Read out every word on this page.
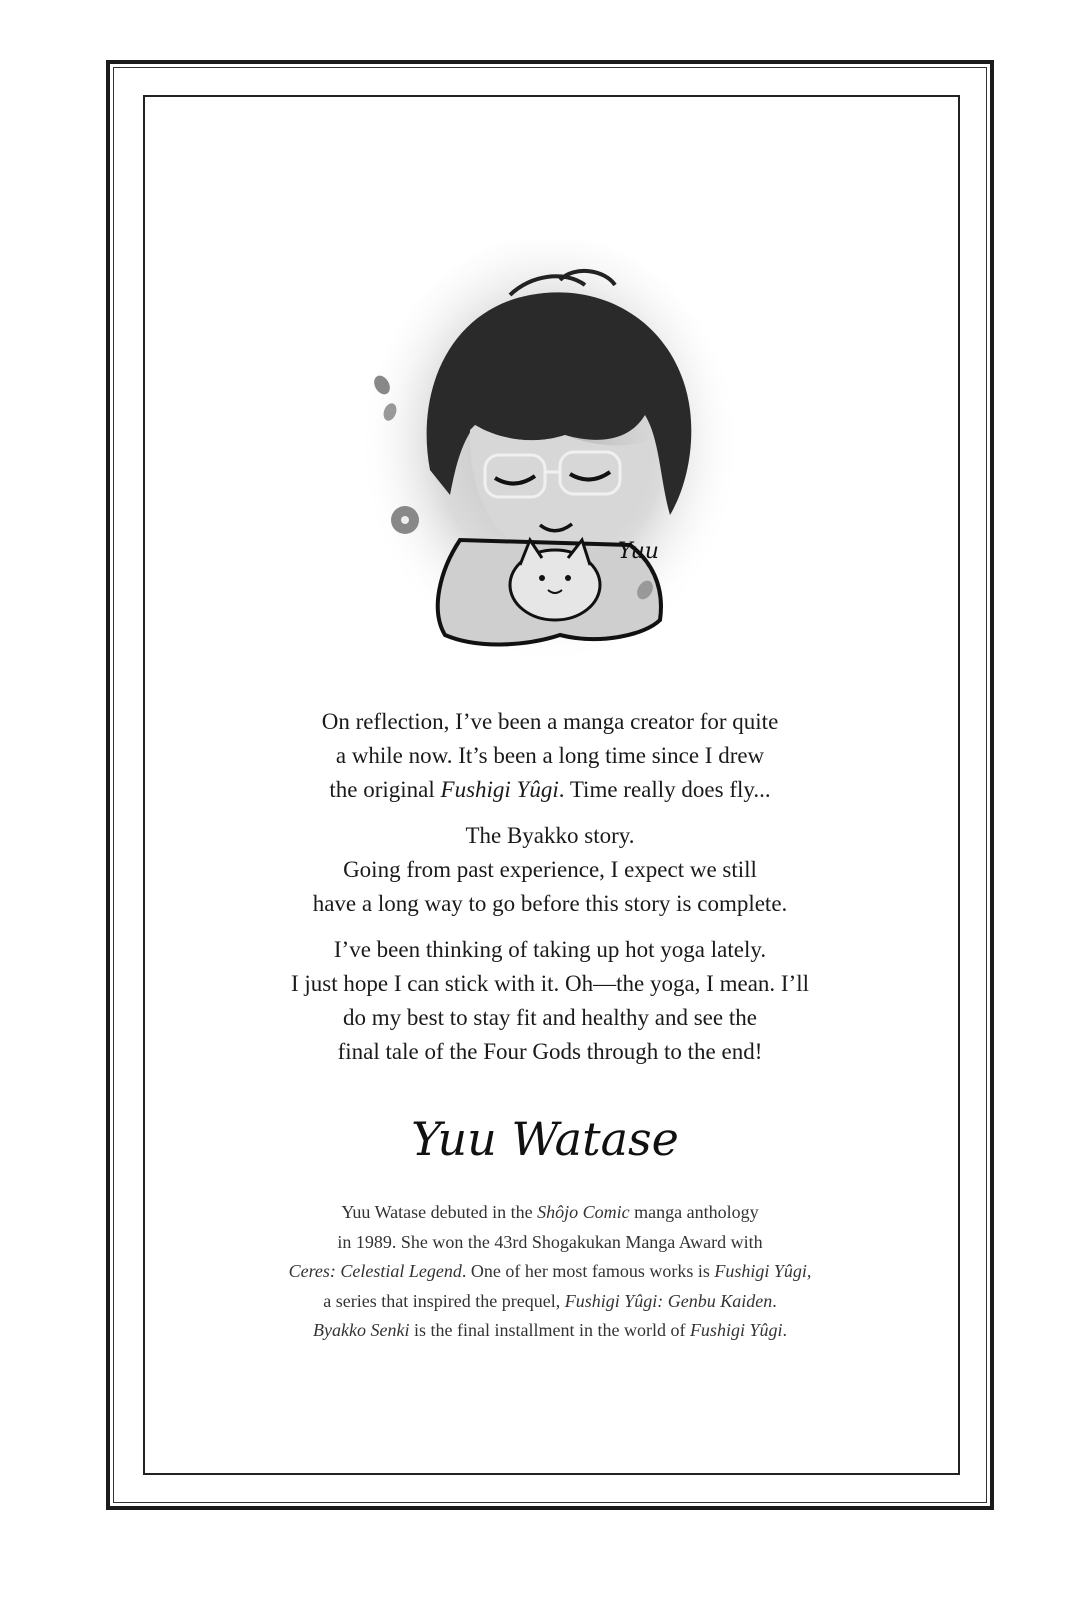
Yuu

On reflection, I’ve been a manga creator for quite
a while now. It’s been a long time since I drew
the original Fushigi Yûgi. Time really does fly...

The Byakko story.
Going from past experience, I expect we still
have a long way to go before this story is complete.

I’ve been thinking of taking up hot yoga lately.
I just hope I can stick with it. Oh—the yoga, I mean. I’ll
do my best to stay fit and healthy and see the
final tale of the Four Gods through to the end!

Yuu Watase
Yuu Watase debuted in the Shôjo Comic manga anthology
in 1989. She won the 43rd Shogakukan Manga Award with
Ceres: Celestial Legend. One of her most famous works is Fushigi Yûgi,
a series that inspired the prequel, Fushigi Yûgi: Genbu Kaiden.
Byakko Senki is the final installment in the world of Fushigi Yûgi.
